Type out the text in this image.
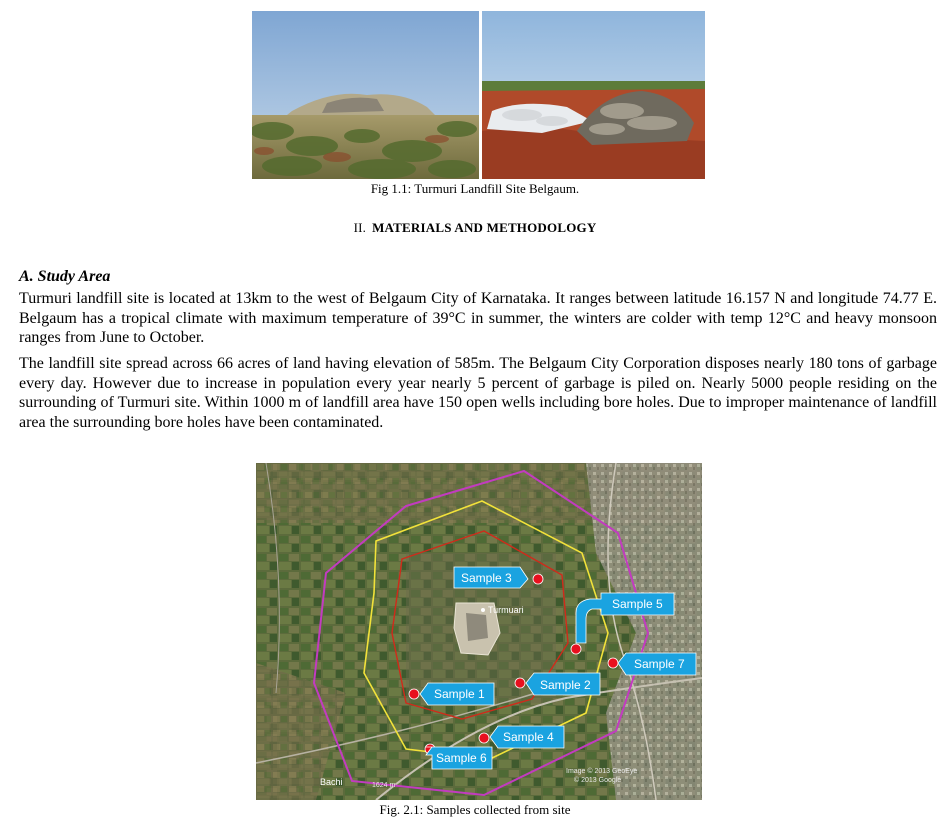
Fig 1.1: Turmuri Landfill Site Belgaum.
II. MATERIALS AND METHODOLOGY
A. Study Area

Turmuri landfill site is located at 13km to the west of Belgaum City of Karnataka. It ranges between latitude 16.157 N and longitude 74.77 E. Belgaum has a tropical climate with maximum temperature of 39°C in summer, the winters are colder with temp 12°C and heavy monsoon ranges from June to October.

The landfill site spread across 66 acres of land having elevation of 585m. The Belgaum City Corporation disposes nearly 180 tons of garbage every day. However due to increase in population every year nearly 5 percent of garbage is piled on. Nearly 5000 people residing on the surrounding of Turmuri site. Within 1000 m of landfill area have 150 open wells including bore holes. Due to improper maintenance of landfill area the surrounding bore holes have been contaminated.

Turmuari
Bachi	1624 m
Image © 2013 GeoEye
© 2013 Google
Sample 3
Sample 5
Sample 7
Sample 2
Sample 1
Sample 4
Sample 6
Fig. 2.1: Samples collected from site
